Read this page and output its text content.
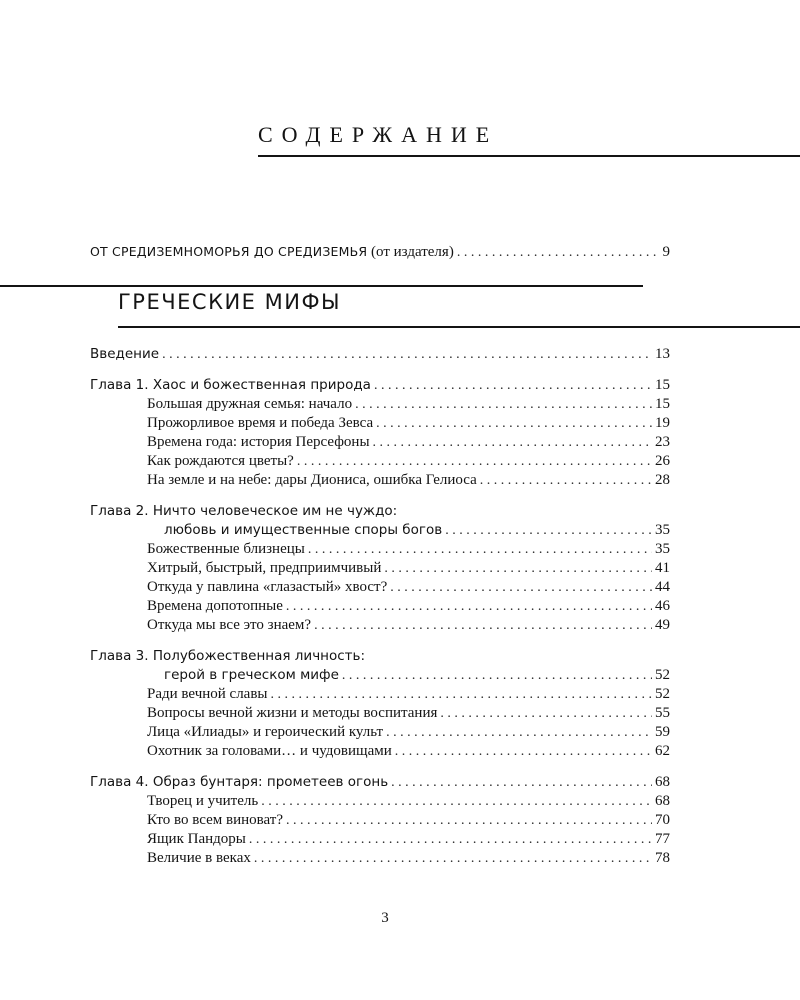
СОДЕРЖАНИЕ
ОТ СРЕДИЗЕМНОМОРЬЯ ДО СРЕДИЗЕМЬЯ (от издателя) . . .	9
ГРЕЧЕСКИЕ МИФЫ
Введение . . .	13
Глава 1. Хаос и божественная природа . . .	15
Большая дружная семья: начало . . .	15
Прожорливое время и победа Зевса . . .	19
Времена года: история Персефоны . . .	23
Как рождаются цветы? . . .	26
На земле и на небе: дары Диониса, ошибка Гелиоса . . .	28
Глава 2. Ничто человеческое им не чуждо:
любовь и имущественные споры богов . . .	35
Божественные близнецы . . .	35
Хитрый, быстрый, предприимчивый . . .	41
Откуда у павлина «глазастый» хвост? . . .	44
Времена допотопные . . .	46
Откуда мы все это знаем? . . .	49
Глава 3. Полубожественная личность:
герой в греческом мифе . . .	52
Ради вечной славы . . .	52
Вопросы вечной жизни и методы воспитания . . .	55
Лица «Илиады» и героический культ . . .	59
Охотник за головами… и чудовищами . . .	62
Глава 4. Образ бунтаря: прометеев огонь . . .	68
Творец и учитель . . .	68
Кто во всем виноват? . . .	70
Ящик Пандоры . . .	77
Величие в веках . . .	78
3
